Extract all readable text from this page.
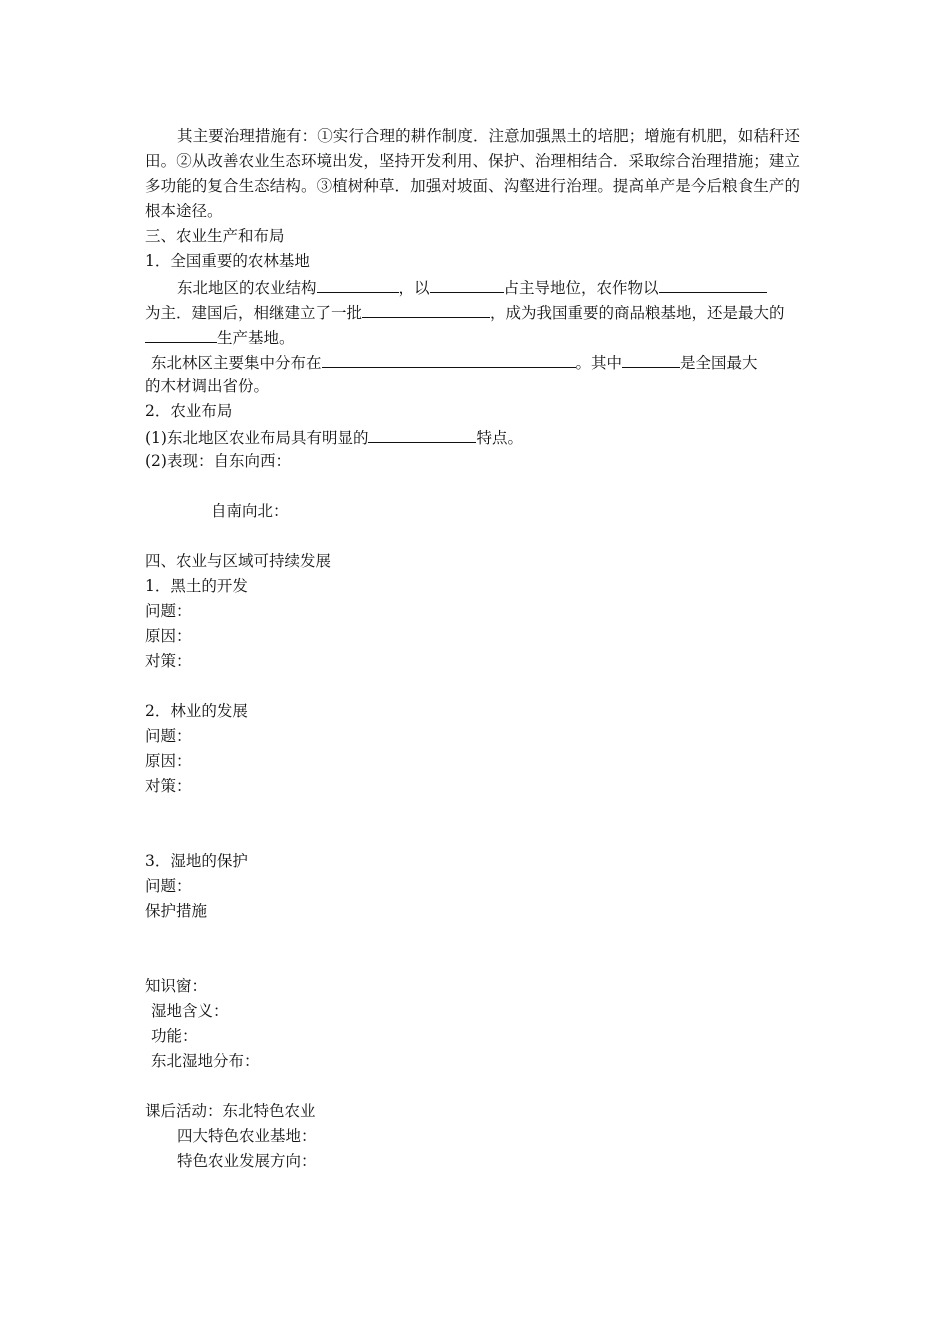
其主要治理措施有：①实行合理的耕作制度．注意加强黑土的培肥；增施有机肥，如秸秆还田。②从改善农业生态环境出发，坚持开发利用、保护、治理相结合．采取综合治理措施；建立多功能的复合生态结构。③植树种草．加强对坡面、沟壑进行治理。提高单产是今后粮食生产的根本途径。
三、农业生产和布局
1．全国重要的农林基地
东北地区的农业结构	，以	占主导地位，农作物以
为主．建国后，相继建立了一批	，成为我国重要的商品粮基地，还是最大的
生产基地。
东北林区主要集中分布在	。其中	是全国最大
的木材调出省份。
2．农业布局
(1)东北地区农业布局具有明显的	特点。
(2)表现：自东向西：
自南向北：
四、农业与区域可持续发展
1．黑土的开发
问题：
原因：
对策：
2．林业的发展
问题：
原因：
对策：
3．湿地的保护
问题：
保护措施
知识窗：
湿地含义：
功能：
东北湿地分布：
课后活动：东北特色农业
四大特色农业基地：
特色农业发展方向：
